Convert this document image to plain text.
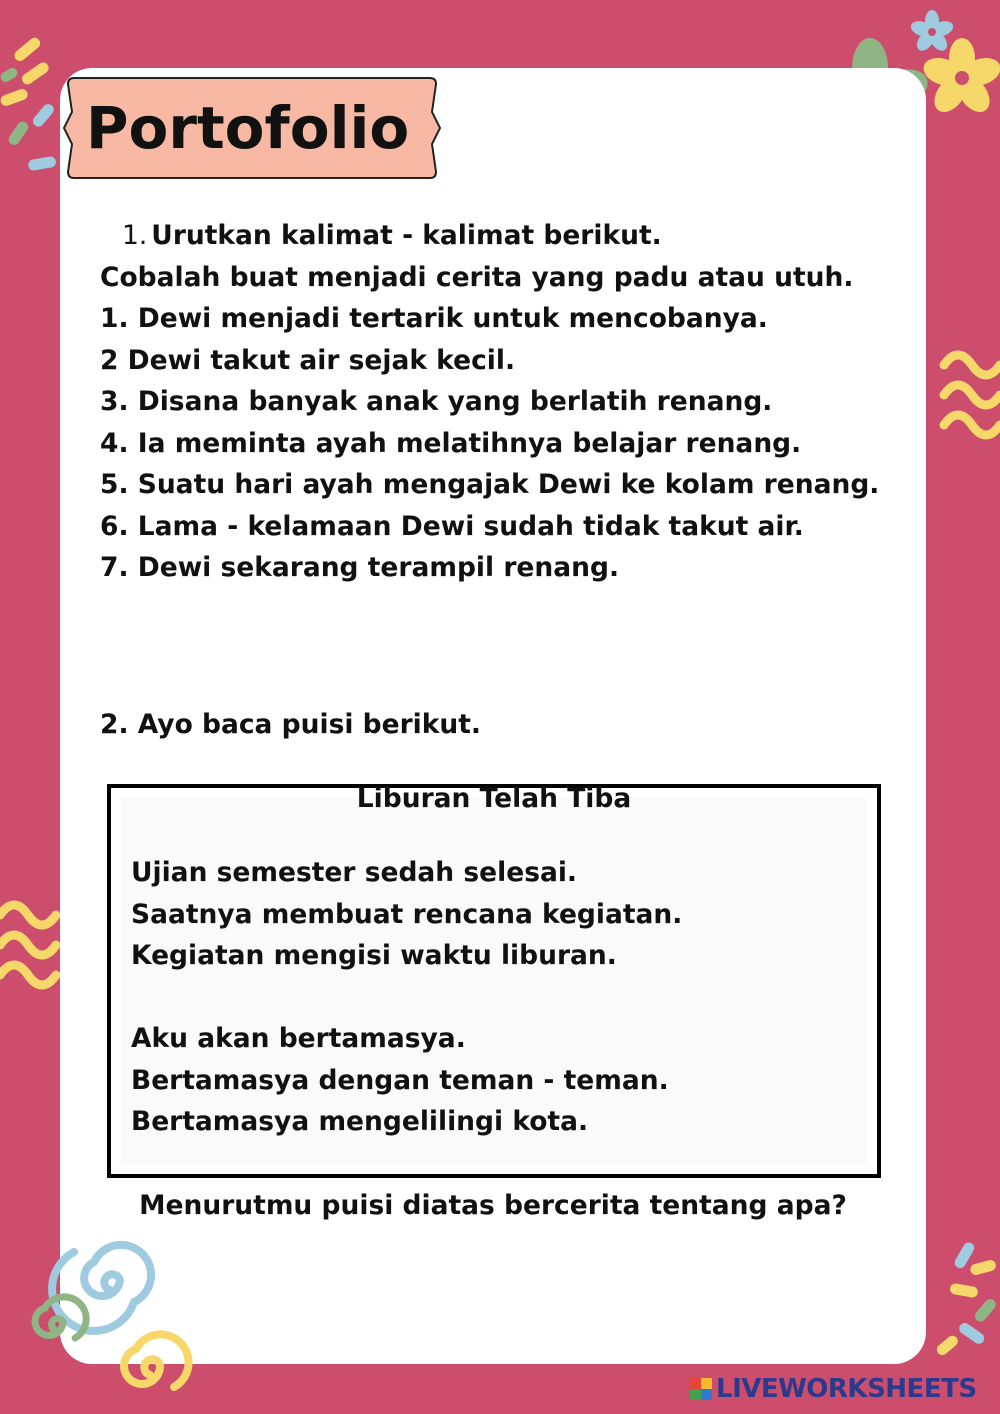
Portofolio
1. Urutkan kalimat - kalimat berikut.
Cobalah buat menjadi cerita yang padu atau utuh.
1. Dewi menjadi tertarik untuk mencobanya.
2 Dewi takut air sejak kecil.
3. Disana banyak anak yang berlatih renang.
4. Ia meminta ayah melatihnya belajar renang.
5. Suatu hari ayah mengajak Dewi ke kolam renang.
6. Lama - kelamaan Dewi sudah tidak takut air.
7. Dewi sekarang terampil renang.
2. Ayo baca puisi berikut.
Liburan Telah Tiba
Ujian semester sedah selesai.
Saatnya membuat rencana kegiatan.
Kegiatan mengisi waktu liburan.
Aku akan bertamasya.
Bertamasya dengan teman - teman.
Bertamasya mengelilingi kota.
Menurutmu puisi diatas bercerita tentang apa?
LIVEWORKSHEETS
